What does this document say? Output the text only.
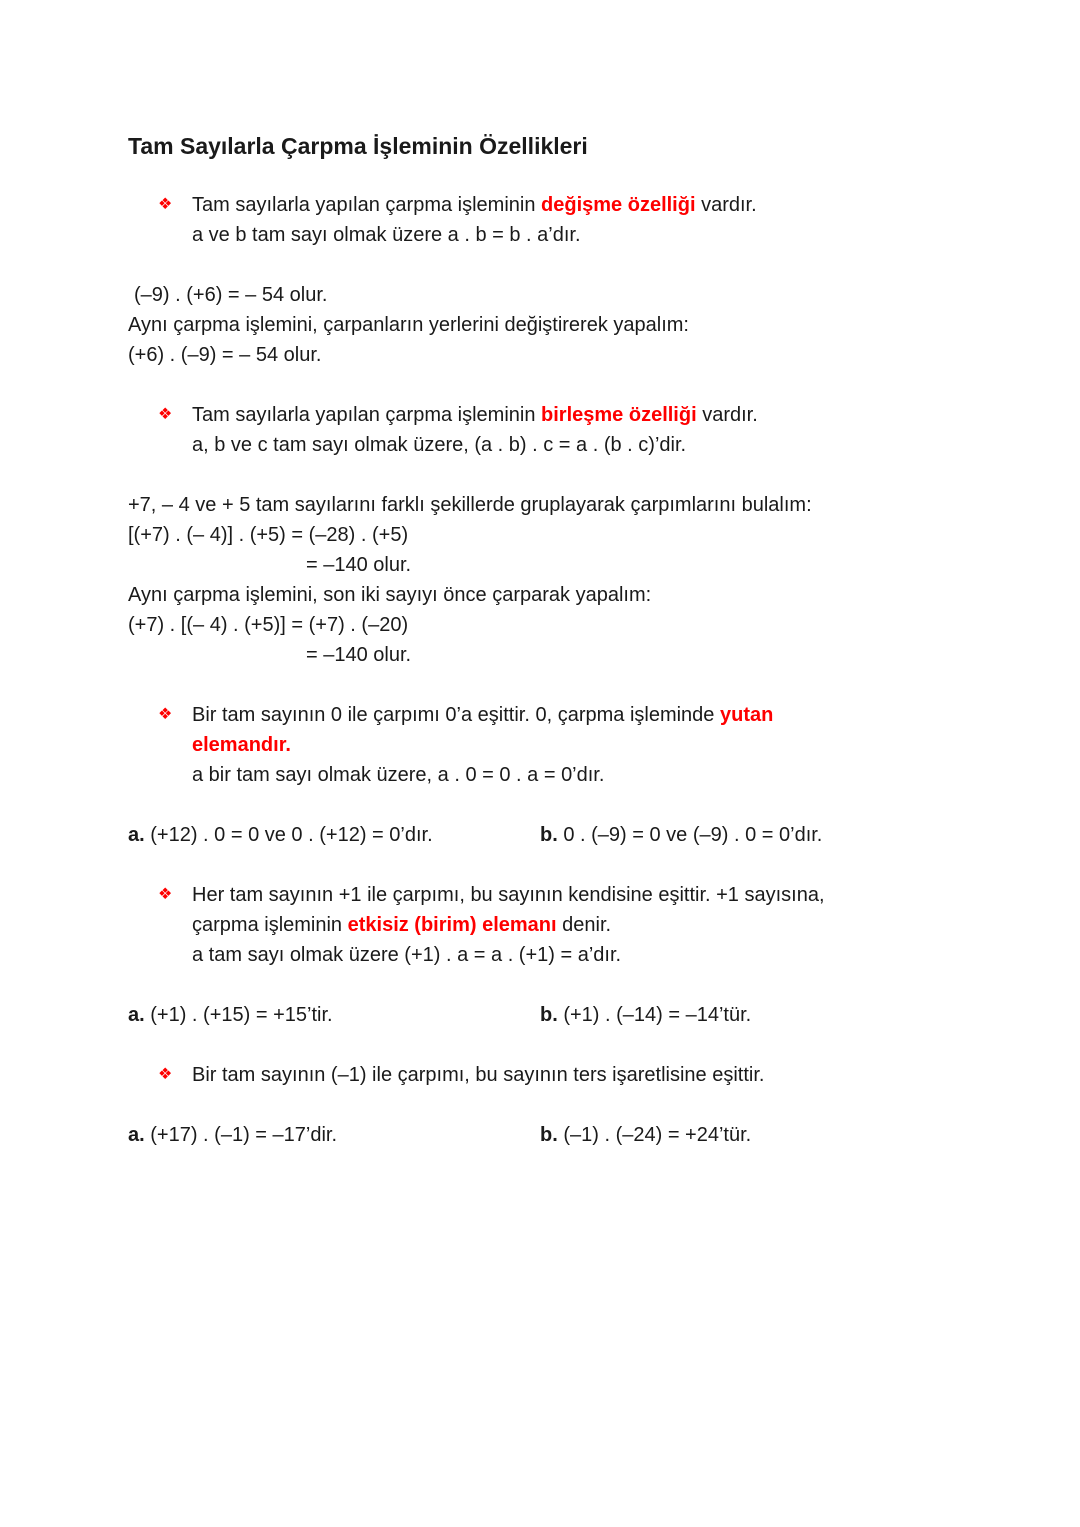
Tam Sayılarla Çarpma İşleminin Özellikleri
❖ Tam sayılarla yapılan çarpma işleminin değişme özelliği vardır.
a ve b tam sayı olmak üzere a . b = b . a’dır.
(–9) . (+6) = – 54 olur.
Aynı çarpma işlemini, çarpanların yerlerini değiştirerek yapalım:
(+6) . (–9) = – 54 olur.
❖ Tam sayılarla yapılan çarpma işleminin birleşme özelliği vardır.
a, b ve c tam sayı olmak üzere, (a . b) . c = a . (b . c)’dir.
+7, – 4 ve + 5 tam sayılarını farklı şekillerde gruplayarak çarpımlarını bulalım:
[(+7) . (– 4)] . (+5) = (–28) . (+5)
= –140 olur.
Aynı çarpma işlemini, son iki sayıyı önce çarparak yapalım:
(+7) . [(– 4) . (+5)] = (+7) . (–20)
= –140 olur.
❖ Bir tam sayının 0 ile çarpımı 0’a eşittir. 0, çarpma işleminde yutan
elemandır.
a bir tam sayı olmak üzere, a . 0 = 0 . a = 0’dır.
a. (+12) . 0 = 0 ve 0 . (+12) = 0’dır.	b. 0 . (–9) = 0 ve (–9) . 0 = 0’dır.
❖ Her tam sayının +1 ile çarpımı, bu sayının kendisine eşittir. +1 sayısına,
çarpma işleminin etkisiz (birim) elemanı denir.
a tam sayı olmak üzere (+1) . a = a . (+1) = a’dır.
a. (+1) . (+15) = +15’tir.	b. (+1) . (–14) = –14’tür.
❖ Bir tam sayının (–1) ile çarpımı, bu sayının ters işaretlisine eşittir.
a. (+17) . (–1) = –17’dir.	b. (–1) . (–24) = +24’tür.
